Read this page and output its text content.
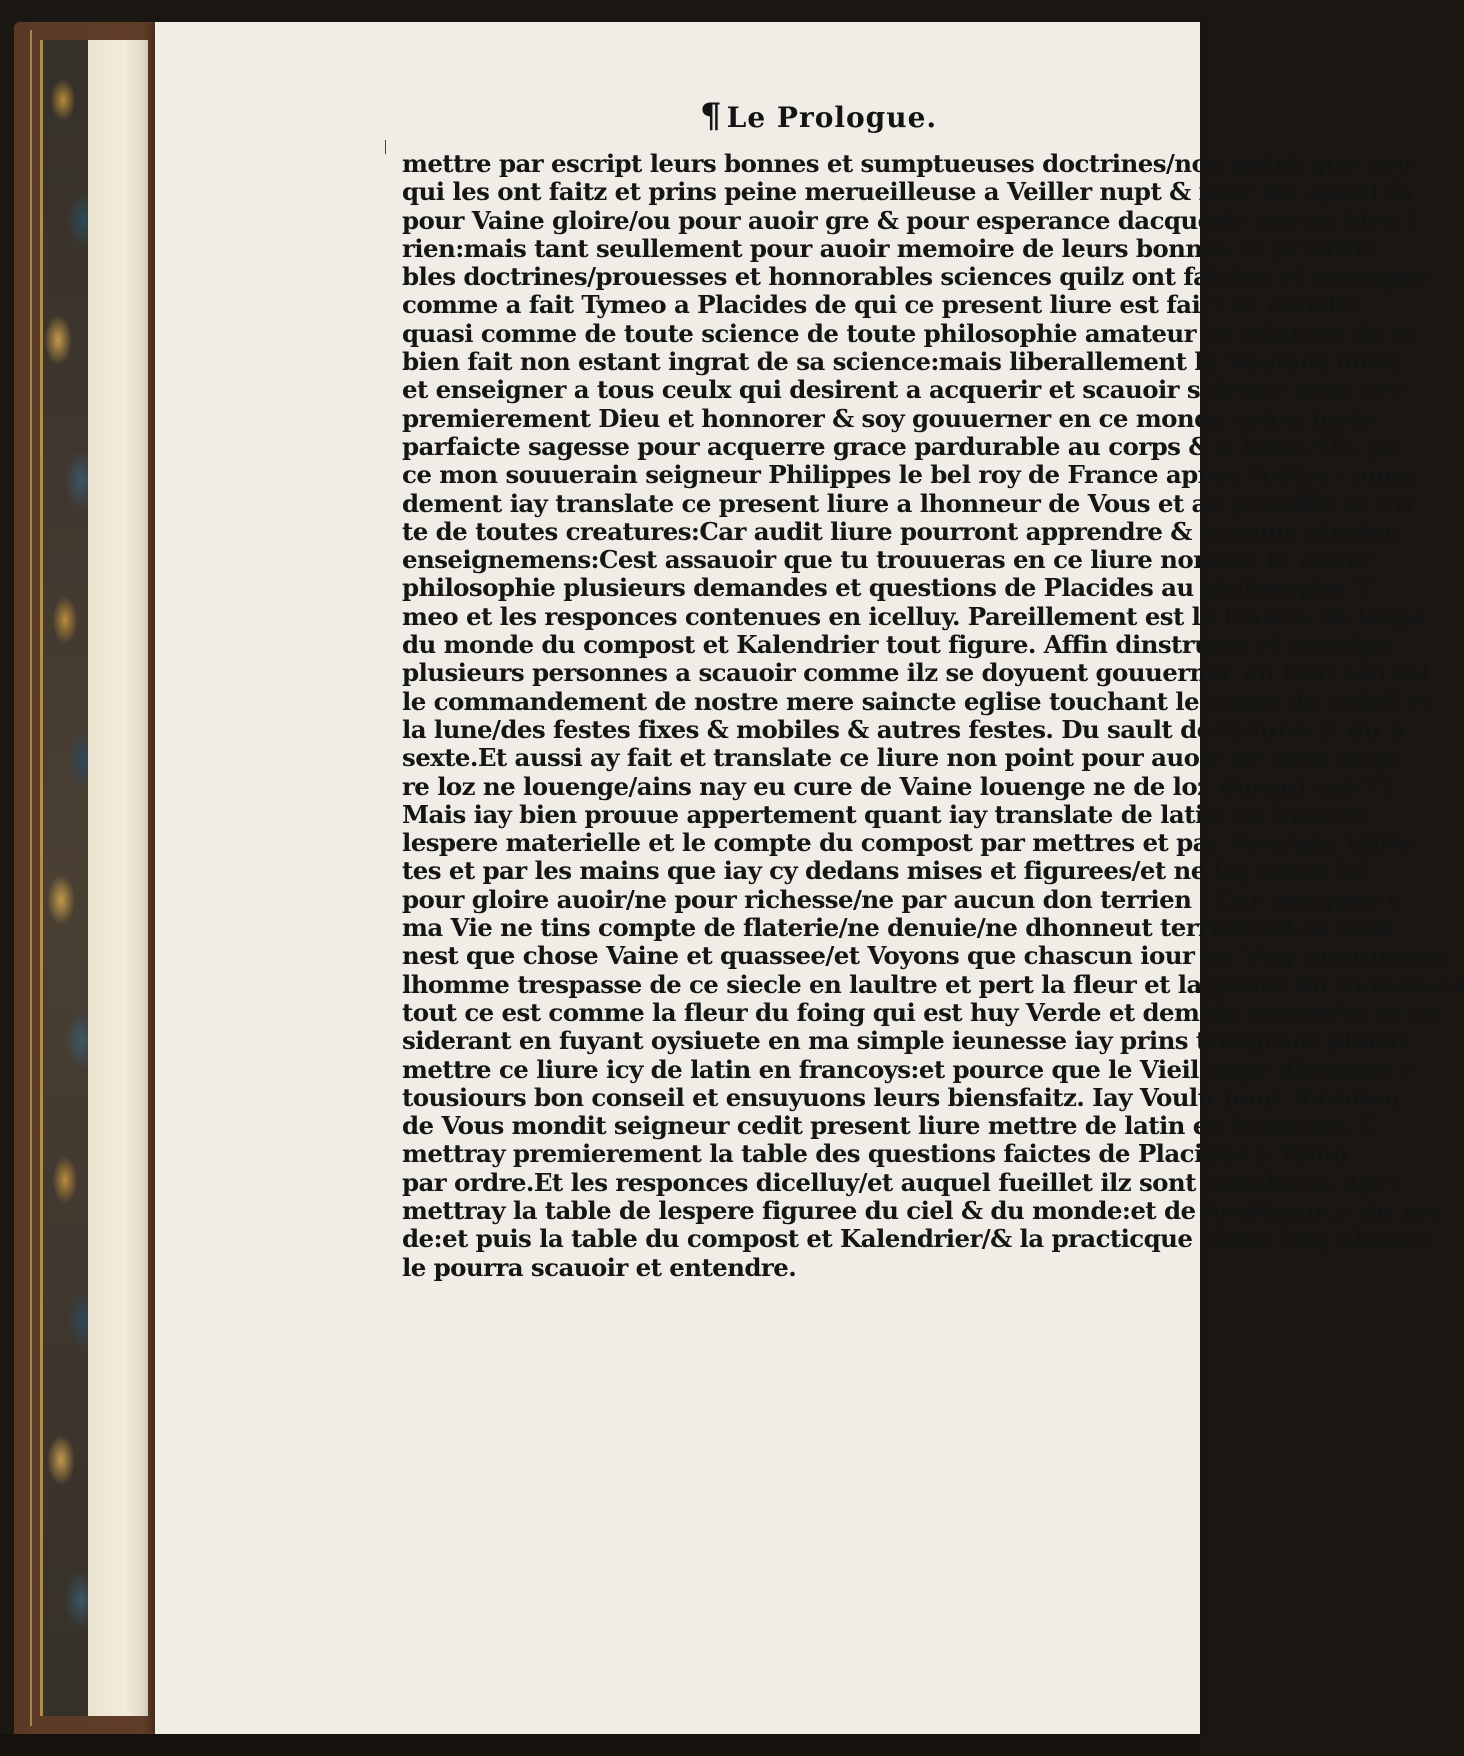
¶ Le Prologue.
mettre par escript leurs bonnes et sumptueuses doctrines/non point que ceu
qui les ont faitz et prins peine merueilleuse a Veiller nupt & iour les apent fa
pour Vaine gloire/ou pour auoir gre & pour esperance dacquerir aucun bien t
rien:mais tant seullement pour auoir memoire de leurs bonnes et prouffit
bles doctrines/prouesses et honnorables sciences quilz ont faictes et enseigne
comme a fait Tymeo a Placides de qui ce present liure est faict et constit
quasi comme de toute science de toute philosophie amateur et zelateur de to
bien fait non estant ingrat de sa science:mais liberallement la Voulant mõst
et enseigner a tous ceulx qui desirent a acquerir et scauoir science pour ser
premierement Dieu et honnorer & soy gouuerner en ce monde selon iuste
parfaicte sagesse pour acquerre grace pardurable au corps & a lame.¶Et po
ce mon souuerain seigneur Philippes le bel roy de France apres Vostre comm
dement iay translate ce present liure a lhonneur de Vous et au prouffit et Vti
te de toutes creatures:Car audit liure pourront apprendre & scauoir plusieu
enseignemens:Cest assauoir que tu trouueras en ce liure nomme le cueur
philosophie plusieurs demandes et questions de Placides au philosophe T
meo et les responces contenues en icelluy. Pareillement est le traicte de lespe
du monde du compost et Kalendrier tout figure. Affin dinstruire et enseign
plusieurs personnes a scauoir comme ilz se doyuent gouuerner en tout lan sel
le commandement de nostre mere saincte eglise touchant le cours du soleil et
la lune/des festes fixes & mobiles & autres festes. Du sault de la lune & du b
sexte.Et aussi ay fait et translate ce liure non point pour auoir ne pour acqu
re loz ne louenge/ains nay eu cure de Vaine louenge ne de loz durant ma Vi
Mais iay bien prouue appertement quant iay translate de latin en francoy
lespere materielle et le compte du compost par mettres et par Vers/par table
tes et par les mains que iay cy dedans mises et figurees/et ne lay point fai
pour gloire auoir/ne pour richesse/ne par aucun don terrien : Car oncques e
ma Vie ne tins compte de flaterie/ne denuie/ne dhonneut terrestre:Car tout
nest que chose Vaine et quassee/et Voyons que chascun iour en Vng mouuemen
lhomme trespasse de ce siecle en laultre et pert la fleur et la gloire du monde:ca
tout ce est comme la fleur du foing qui est huy Verde et demain seiche/et ce co
siderant en fuyant oysiuete en ma simple ieunesse iay prins tresgrant plaisir
mettre ce liure icy de latin en francoys:et pource que le Vieil aage dhomme e
tousiours bon conseil et ensuyuons leurs biensfaitz. Iay Voulu pour lhonneu
de Vous mondit seigneur cedit present liure mettre de latin en francoys. C
mettray premierement la table des questions faictes de Placides a Tymo
par ordre.Et les responces dicelluy/et auquel fueillet ilz sont couchees. Apre
mettray la table de lespere figuree du ciel & du monde:et de lordõnance du mo
de:et puis la table du compost et Kalendrier/& la practicque cõme Vng chascu
le pourra scauoir et entendre.
